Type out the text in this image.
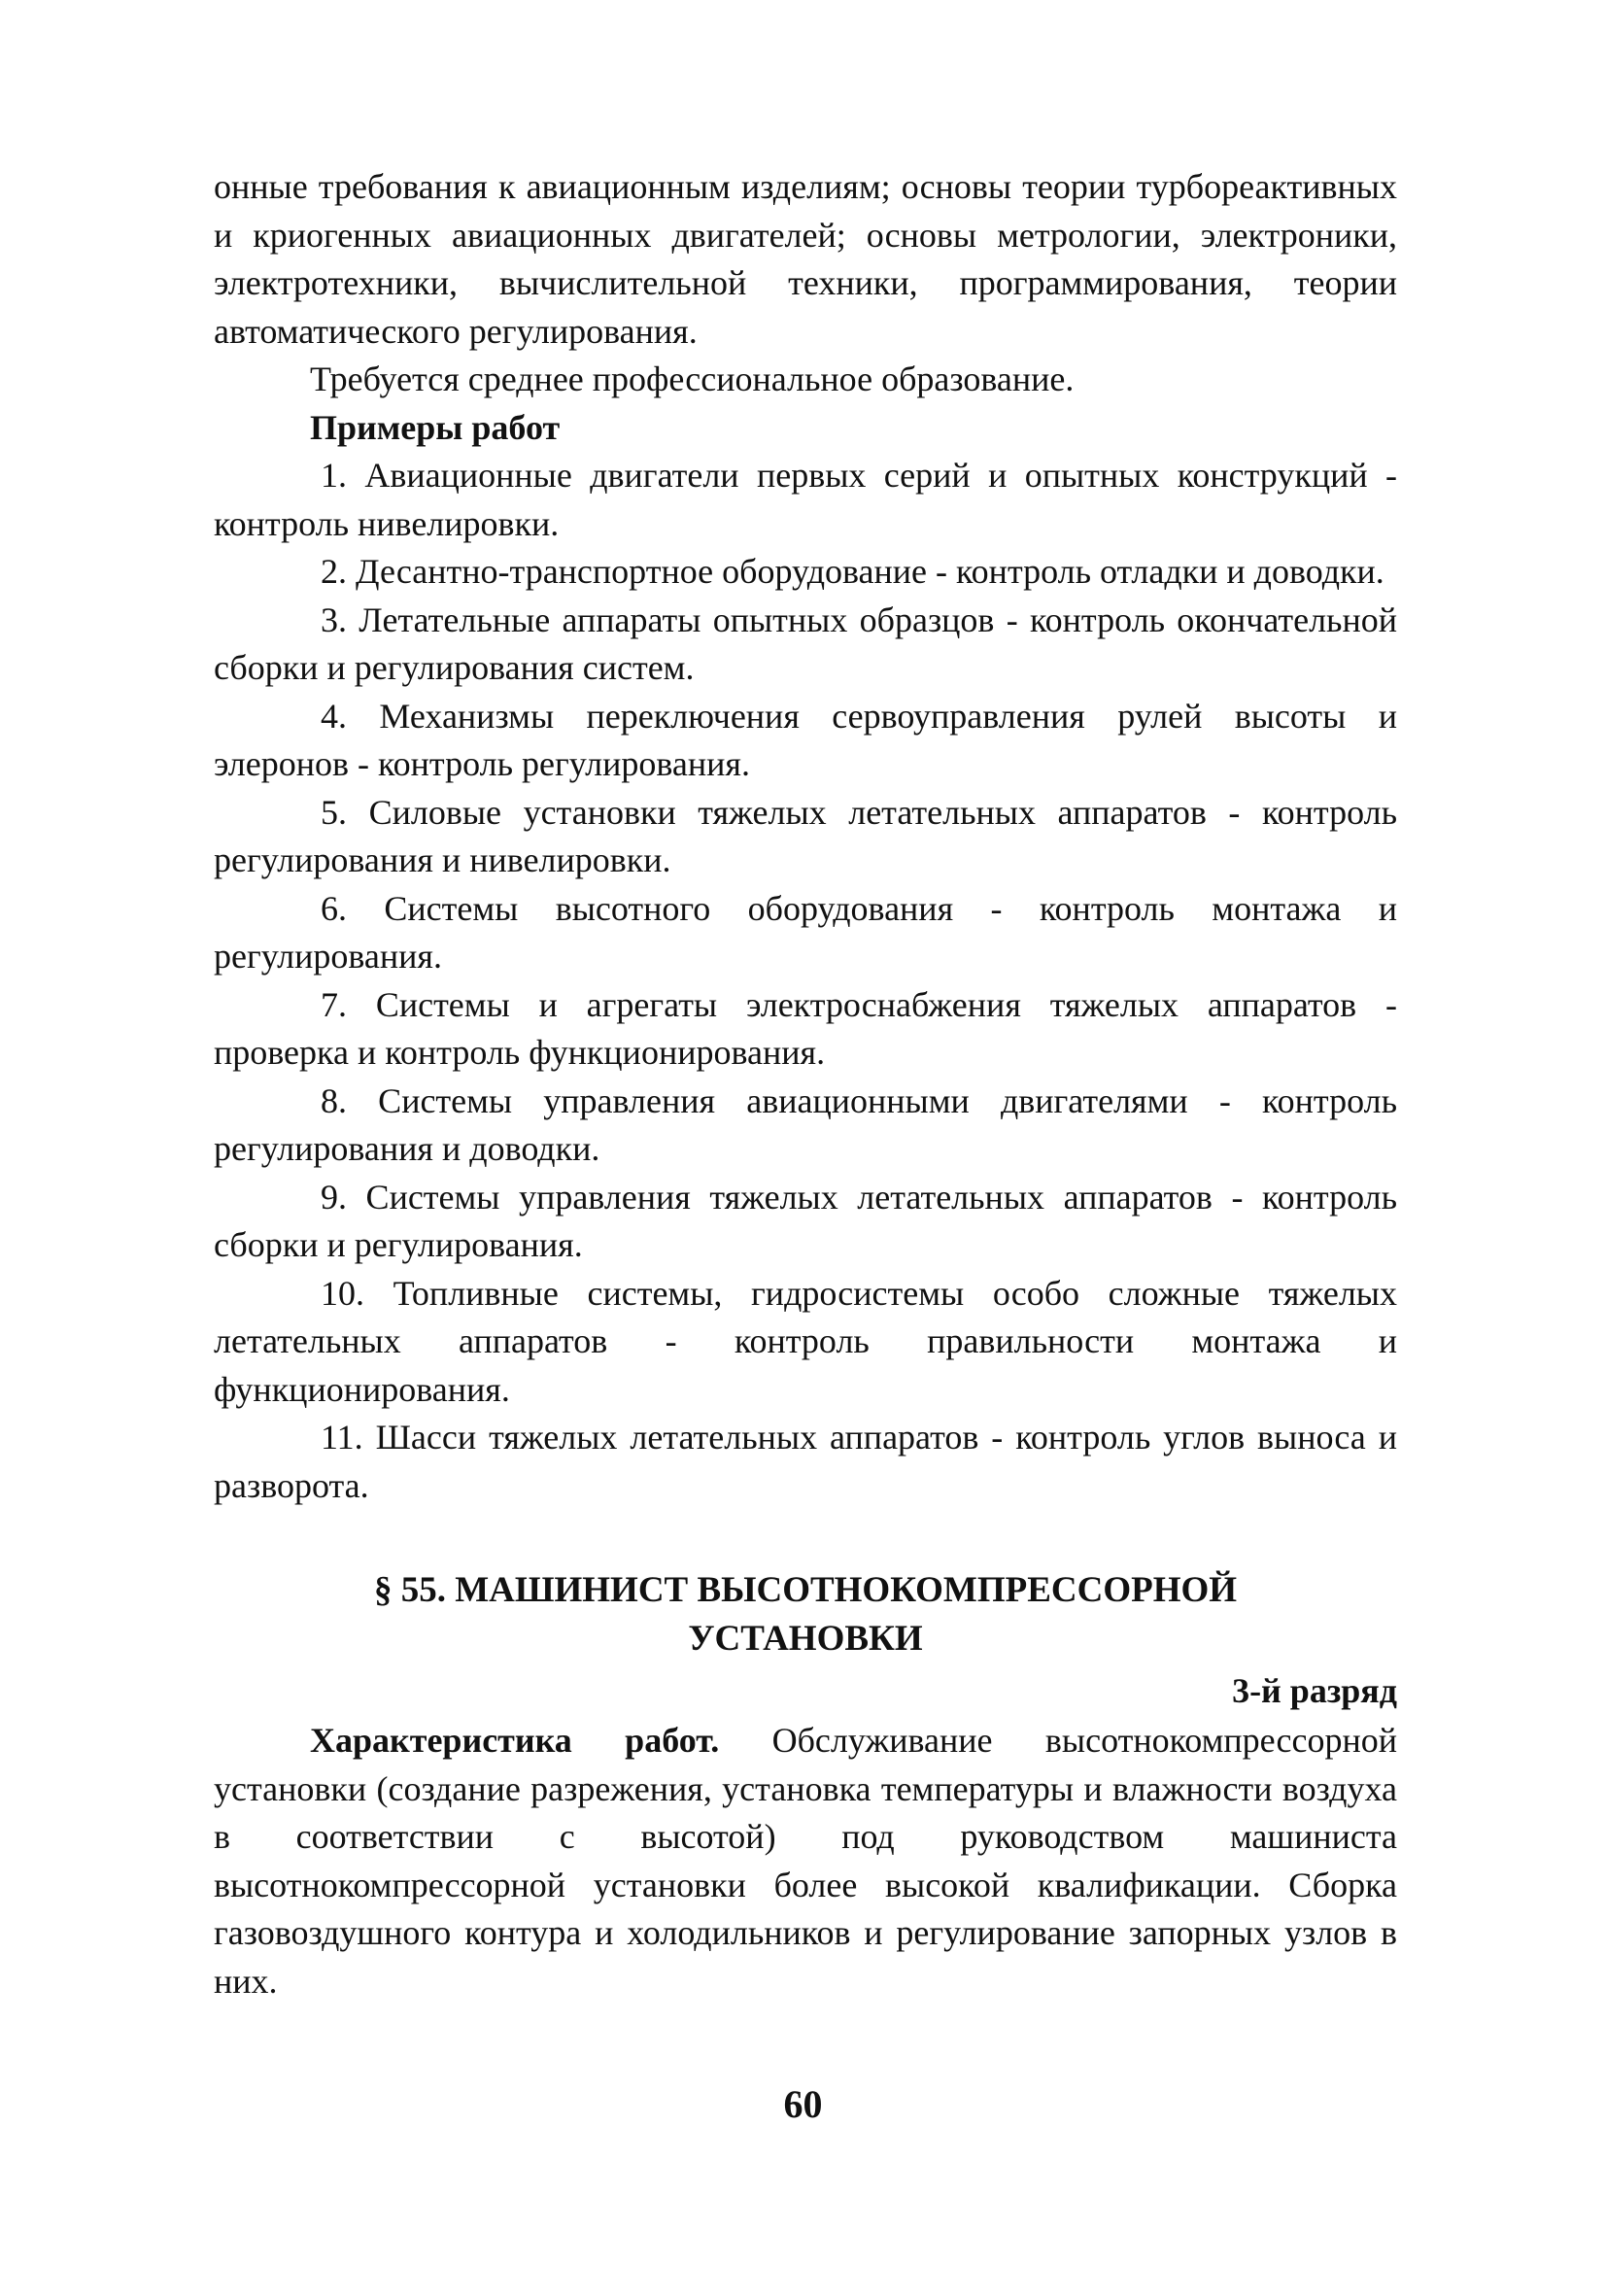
онные требования к авиационным изделиям; основы теории турбореактивных и криогенных авиационных двигателей; основы метрологии, электроники, электротехники, вычислительной техники, программирования, теории автоматического регулирования.

Требуется среднее профессиональное образование.

Примеры работ

1. Авиационные двигатели первых серий и опытных конструкций - контроль нивелировки.

2. Десантно-транспортное оборудование - контроль отладки и доводки.

3. Летательные аппараты опытных образцов - контроль окончательной сборки и регулирования систем.

4. Механизмы переключения сервоуправления рулей высоты и элеронов - контроль регулирования.

5. Силовые установки тяжелых летательных аппаратов - контроль регулирования и нивелировки.

6. Системы высотного оборудования - контроль монтажа и регулирования.

7. Системы и агрегаты электроснабжения тяжелых аппаратов - проверка и контроль функционирования.

8. Системы управления авиационными двигателями - контроль регулирования и доводки.

9. Системы управления тяжелых летательных аппаратов - контроль сборки и регулирования.

10. Топливные системы, гидросистемы особо сложные тяжелых летательных аппаратов - контроль правильности монтажа и функционирования.

11. Шасси тяжелых летательных аппаратов - контроль углов выноса и разворота.

§ 55. МАШИНИСТ ВЫСОТНОКОМПРЕССОРНОЙ
УСТАНОВКИ
3-й разряд

Характеристика работ. Обслуживание высотнокомпрессорной установки (создание разрежения, установка температуры и влажности воздуха в соответствии с высотой) под руководством машиниста высотнокомпрессорной установки более высокой квалификации. Сборка газовоздушного контура и холодильников и регулирование запорных узлов в них.

60
